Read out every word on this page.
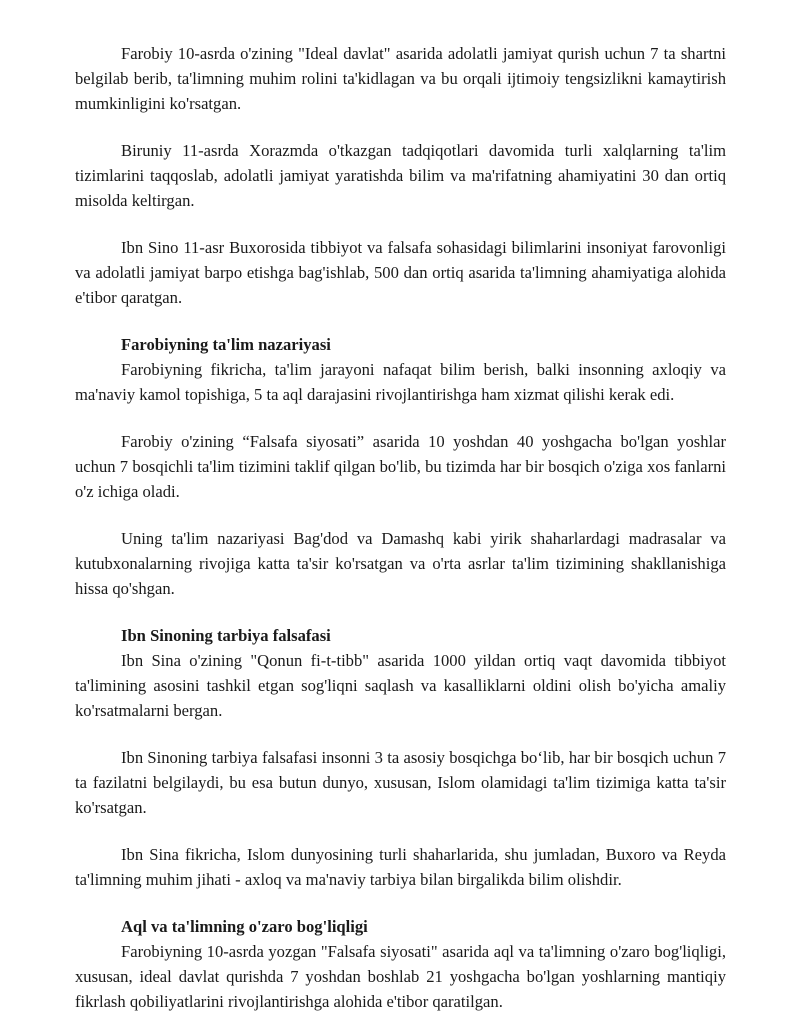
Farobiy 10-asrda o'zining "Ideal davlat" asarida adolatli jamiyat qurish uchun 7 ta shartni belgilab berib, ta'limning muhim rolini ta'kidlagan va bu orqali ijtimoiy tengsizlikni kamaytirish mumkinligini ko'rsatgan.

Biruniy 11-asrda Xorazmda o'tkazgan tadqiqotlari davomida turli xalqlarning ta'lim tizimlarini taqqoslab, adolatli jamiyat yaratishda bilim va ma'rifatning ahamiyatini 30 dan ortiq misolda keltirgan.

Ibn Sino 11-asr Buxorosida tibbiyot va falsafa sohasidagi bilimlarini insoniyat farovonligi va adolatli jamiyat barpo etishga bag'ishlab, 500 dan ortiq asarida ta'limning ahamiyatiga alohida e'tibor qaratgan.

Farobiyning ta'lim nazariyasi

Farobiyning fikricha, ta'lim jarayoni nafaqat bilim berish, balki insonning axloqiy va ma'naviy kamol topishiga, 5 ta aql darajasini rivojlantirishga ham xizmat qilishi kerak edi.

Farobiy o'zining “Falsafa siyosati” asarida 10 yoshdan 40 yoshgacha bo'lgan yoshlar uchun 7 bosqichli ta'lim tizimini taklif qilgan bo'lib, bu tizimda har bir bosqich o'ziga xos fanlarni o'z ichiga oladi.

Uning ta'lim nazariyasi Bag'dod va Damashq kabi yirik shaharlardagi madrasalar va kutubxonalarning rivojiga katta ta'sir ko'rsatgan va o'rta asrlar ta'lim tizimining shakllanishiga hissa qo'shgan.

Ibn Sinoning tarbiya falsafasi

Ibn Sina o'zining "Qonun fi-t-tibb" asarida 1000 yildan ortiq vaqt davomida tibbiyot ta'limining asosini tashkil etgan sog'liqni saqlash va kasalliklarni oldini olish bo'yicha amaliy ko'rsatmalarni bergan.

Ibn Sinoning tarbiya falsafasi insonni 3 ta asosiy bosqichga bo‘lib, har bir bosqich uchun 7 ta fazilatni belgilaydi, bu esa butun dunyo, xususan, Islom olamidagi ta'lim tizimiga katta ta'sir ko'rsatgan.

Ibn Sina fikricha, Islom dunyosining turli shaharlarida, shu jumladan, Buxoro va Reyda ta'limning muhim jihati - axloq va ma'naviy tarbiya bilan birgalikda bilim olishdir.

Aql va ta'limning o'zaro bog'liqligi

Farobiyning 10-asrda yozgan "Falsafa siyosati" asarida aql va ta'limning o'zaro bog'liqligi, xususan, ideal davlat qurishda 7 yoshdan boshlab 21 yoshgacha bo'lgan yoshlarning mantiqiy fikrlash qobiliyatlarini rivojlantirishga alohida e'tibor qaratilgan.
